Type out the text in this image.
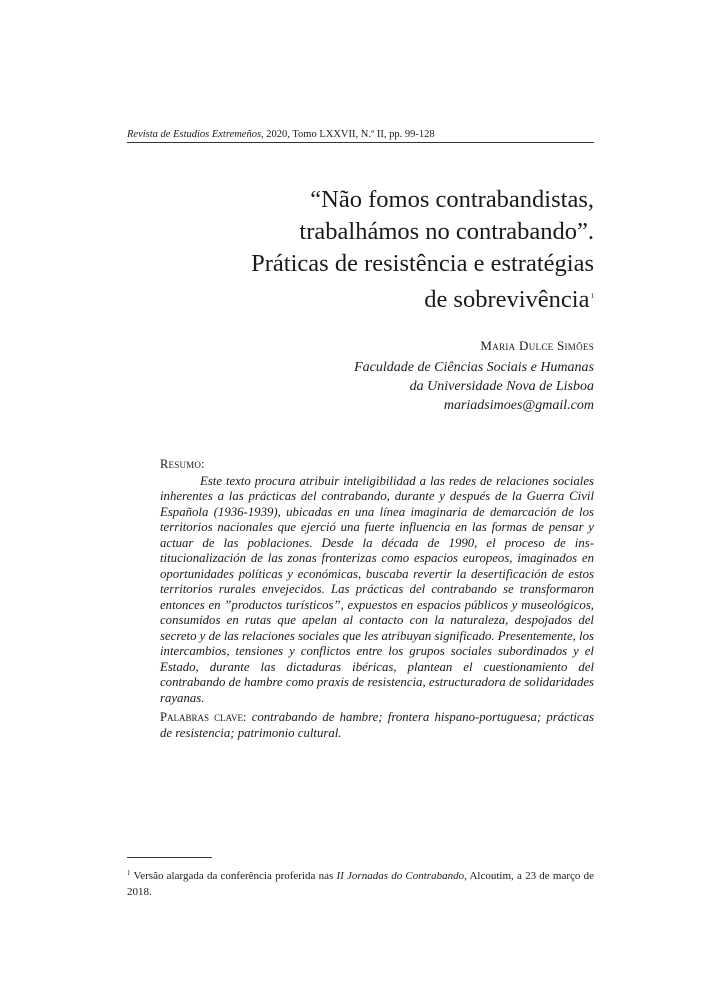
Revista de Estudios Extremeños, 2020, Tomo LXXVII, N.º II, pp. 99-128
“Não fomos contrabandistas,
trabalhámos no contrabando”.
Práticas de resistência e estratégias
de sobrevivência$^1$
Maria Dulce Simões
Faculdade de Ciências Sociais e Humanas
da Universidade Nova de Lisboa
mariadsimoes@gmail.com

Resumo:

Este texto procura atribuir inteligibilidad a las redes de relaciones sociales inherentes a las prácticas del contrabando, durante y después de la Guerra Civil Española (1936-1939), ubicadas en una línea imaginaria de demarcación de los territorios nacionales que ejerció una fuerte influencia en las formas de pensar y actuar de las poblaciones. Desde la década de 1990, el proceso de institucionalización de las zonas fronterizas como espacios europeos, imaginados en oportunidades políticas y económicas, buscaba revertir la desertificación de estos territorios rurales envejecidos. Las prácticas del contrabando se transformaron entonces en ”productos turísticos”, expuestos en espacios públicos y museológicos, consumidos en rutas que apelan al contacto con la naturaleza, despojados del secreto y de las relaciones sociales que les atribuyan significado. Presentemente, los intercambios, tensiones y conflictos entre los grupos sociales subordinados y el Estado, durante las dictaduras ibéricas, plantean el cuestionamiento del contrabando de hambre como praxis de resistencia, estructuradora de solidaridades rayanas.

Palabras clave: contrabando de hambre; frontera hispano-portuguesa; prácticas de resistencia; patrimonio cultural.

$^1$ Versão alargada da conferência proferida nas II Jornadas do Contrabando, Alcoutim, a 23 de março de 2018.
